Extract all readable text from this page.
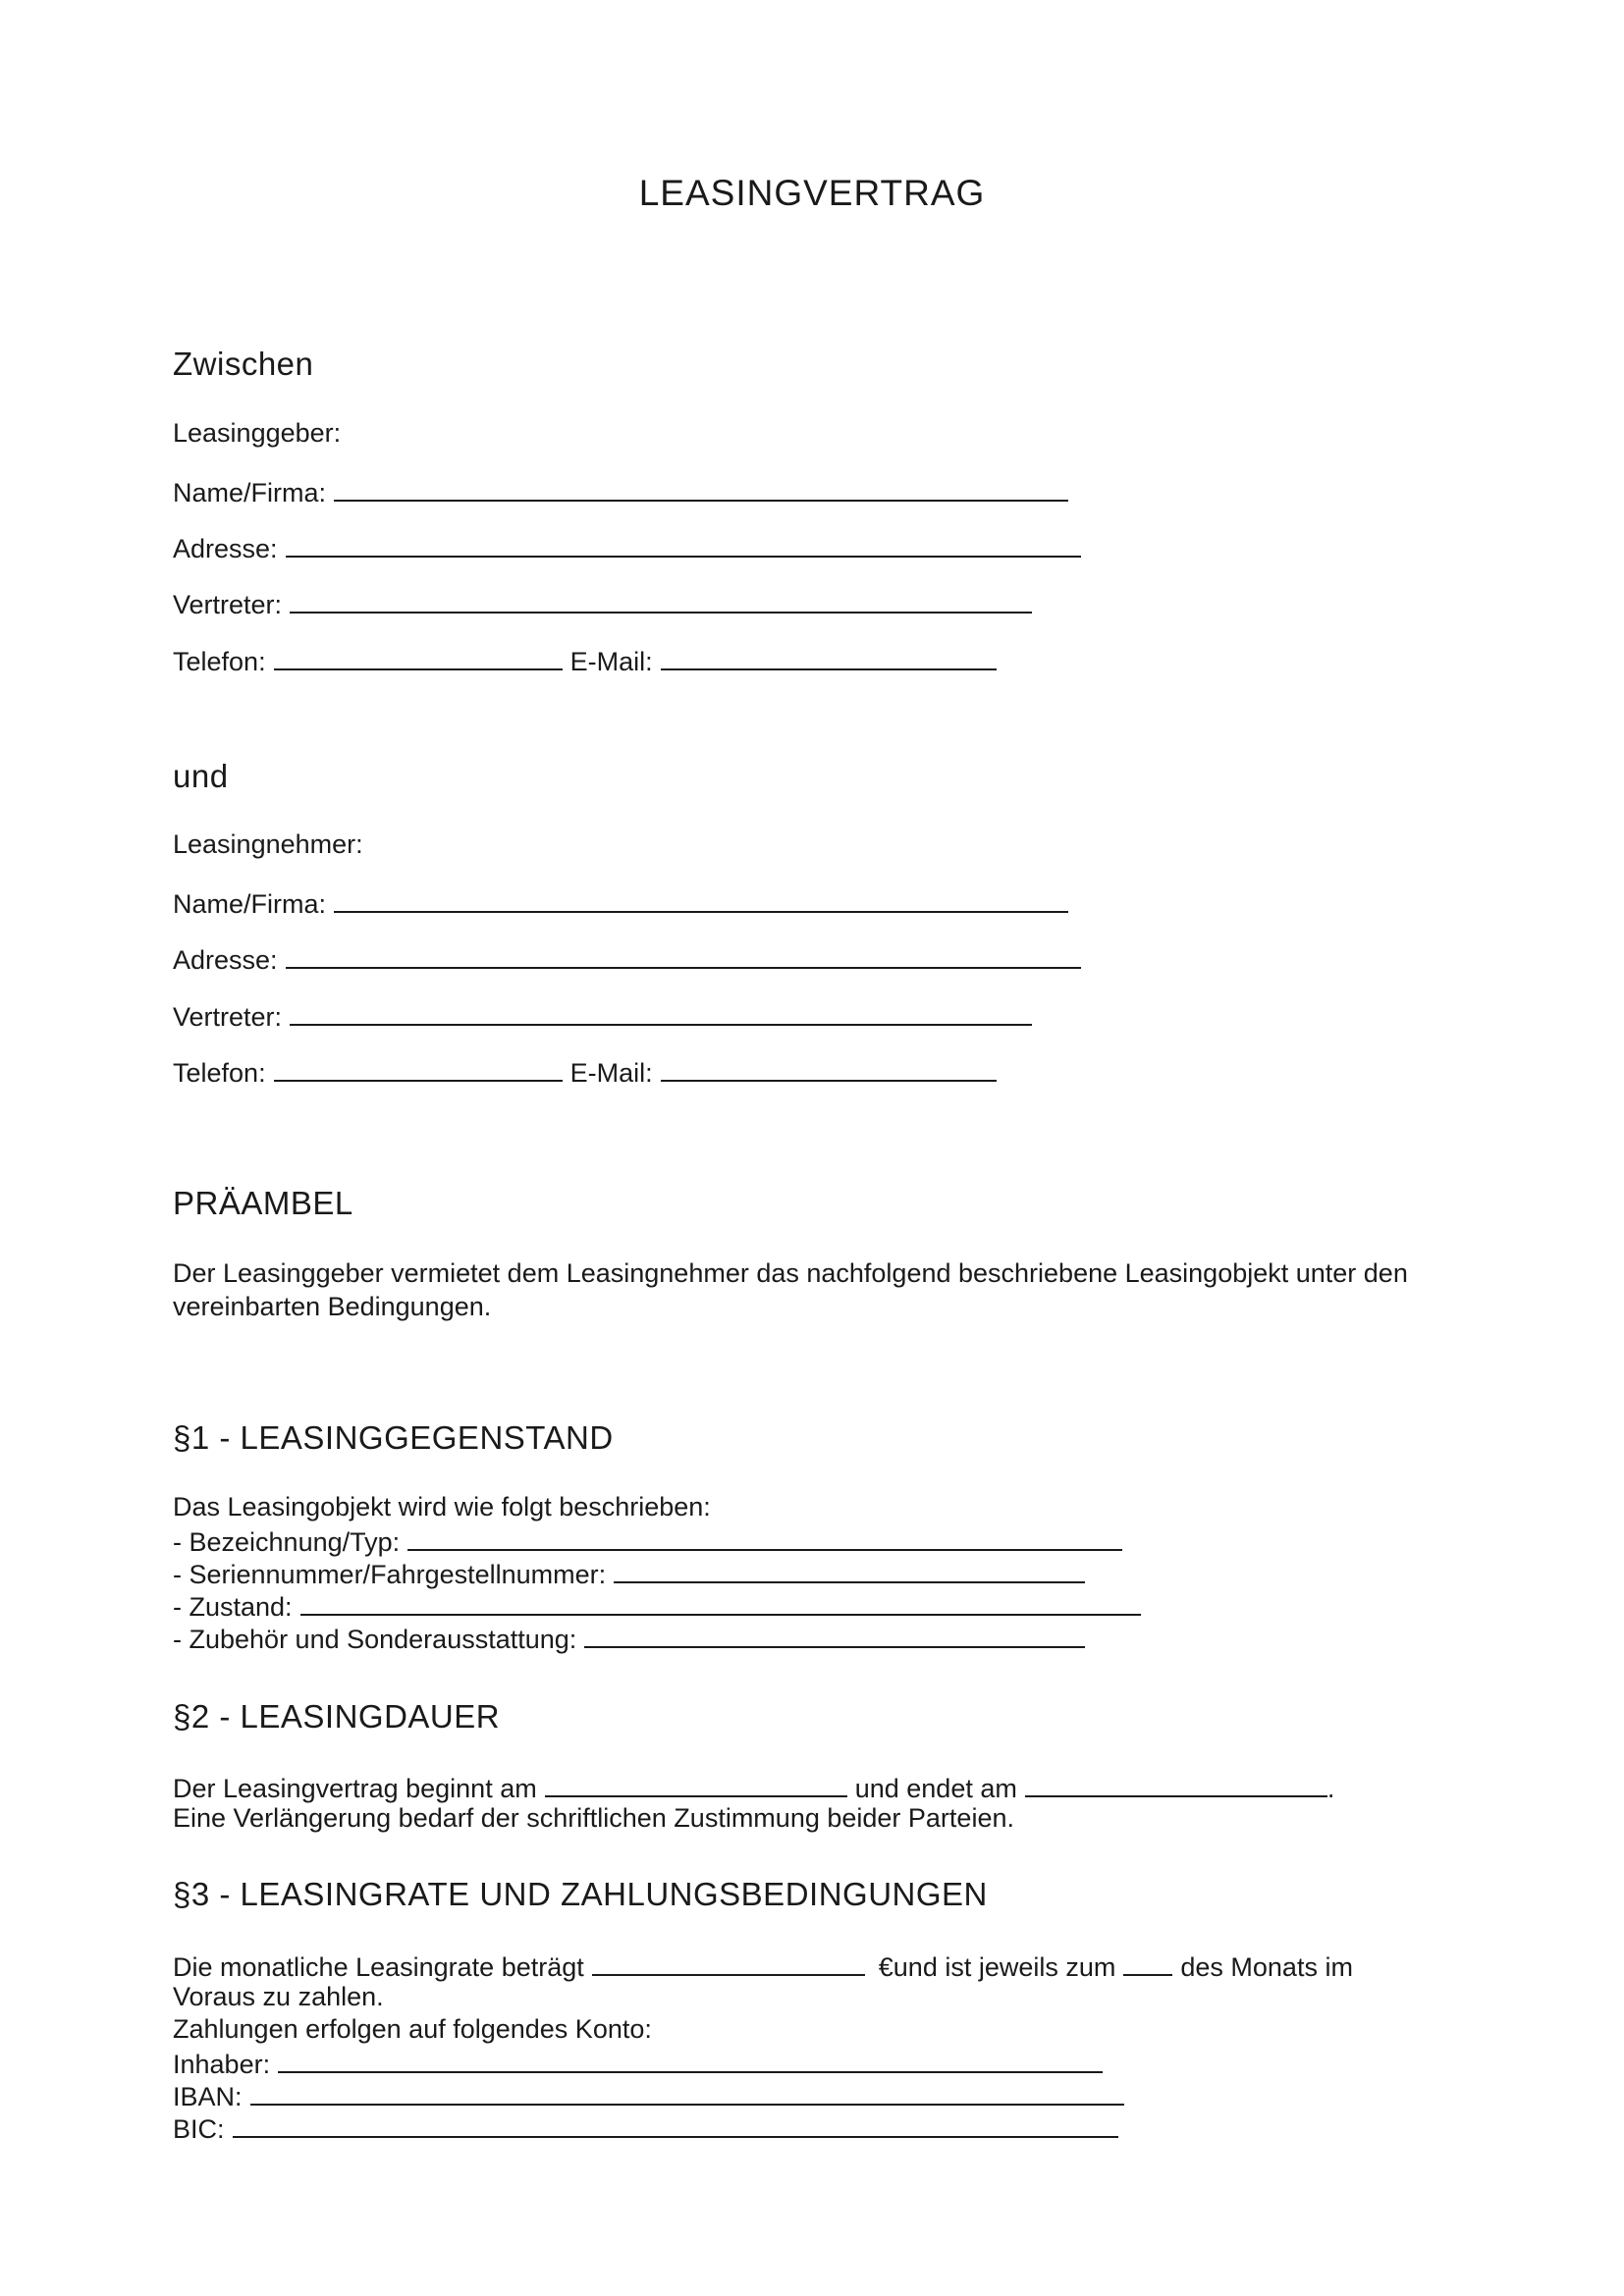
LEASINGVERTRAG
Zwischen
Leasinggeber:
Name/Firma:
Adresse:
Vertreter:
Telefon:	E-Mail:
und
Leasingnehmer:
Name/Firma:
Adresse:
Vertreter:
Telefon:	E-Mail:
PRÄAMBEL
Der Leasinggeber vermietet dem Leasingnehmer das nachfolgend beschriebene Leasingobjekt unter den
vereinbarten Bedingungen.
§1 - LEASINGGEGENSTAND
Das Leasingobjekt wird wie folgt beschrieben:
- Bezeichnung/Typ:
- Seriennummer/Fahrgestellnummer:
- Zustand:
- Zubehör und Sonderausstattung:
§2 - LEASINGDAUER
Der Leasingvertrag beginnt am	und endet am	.
Eine Verlängerung bedarf der schriftlichen Zustimmung beider Parteien.
§3 - LEASINGRATE UND ZAHLUNGSBEDINGUNGEN
Die monatliche Leasingrate beträgt	€und ist jeweils zum des Monats im
Voraus zu zahlen.
Zahlungen erfolgen auf folgendes Konto:
Inhaber:
IBAN:
BIC:
